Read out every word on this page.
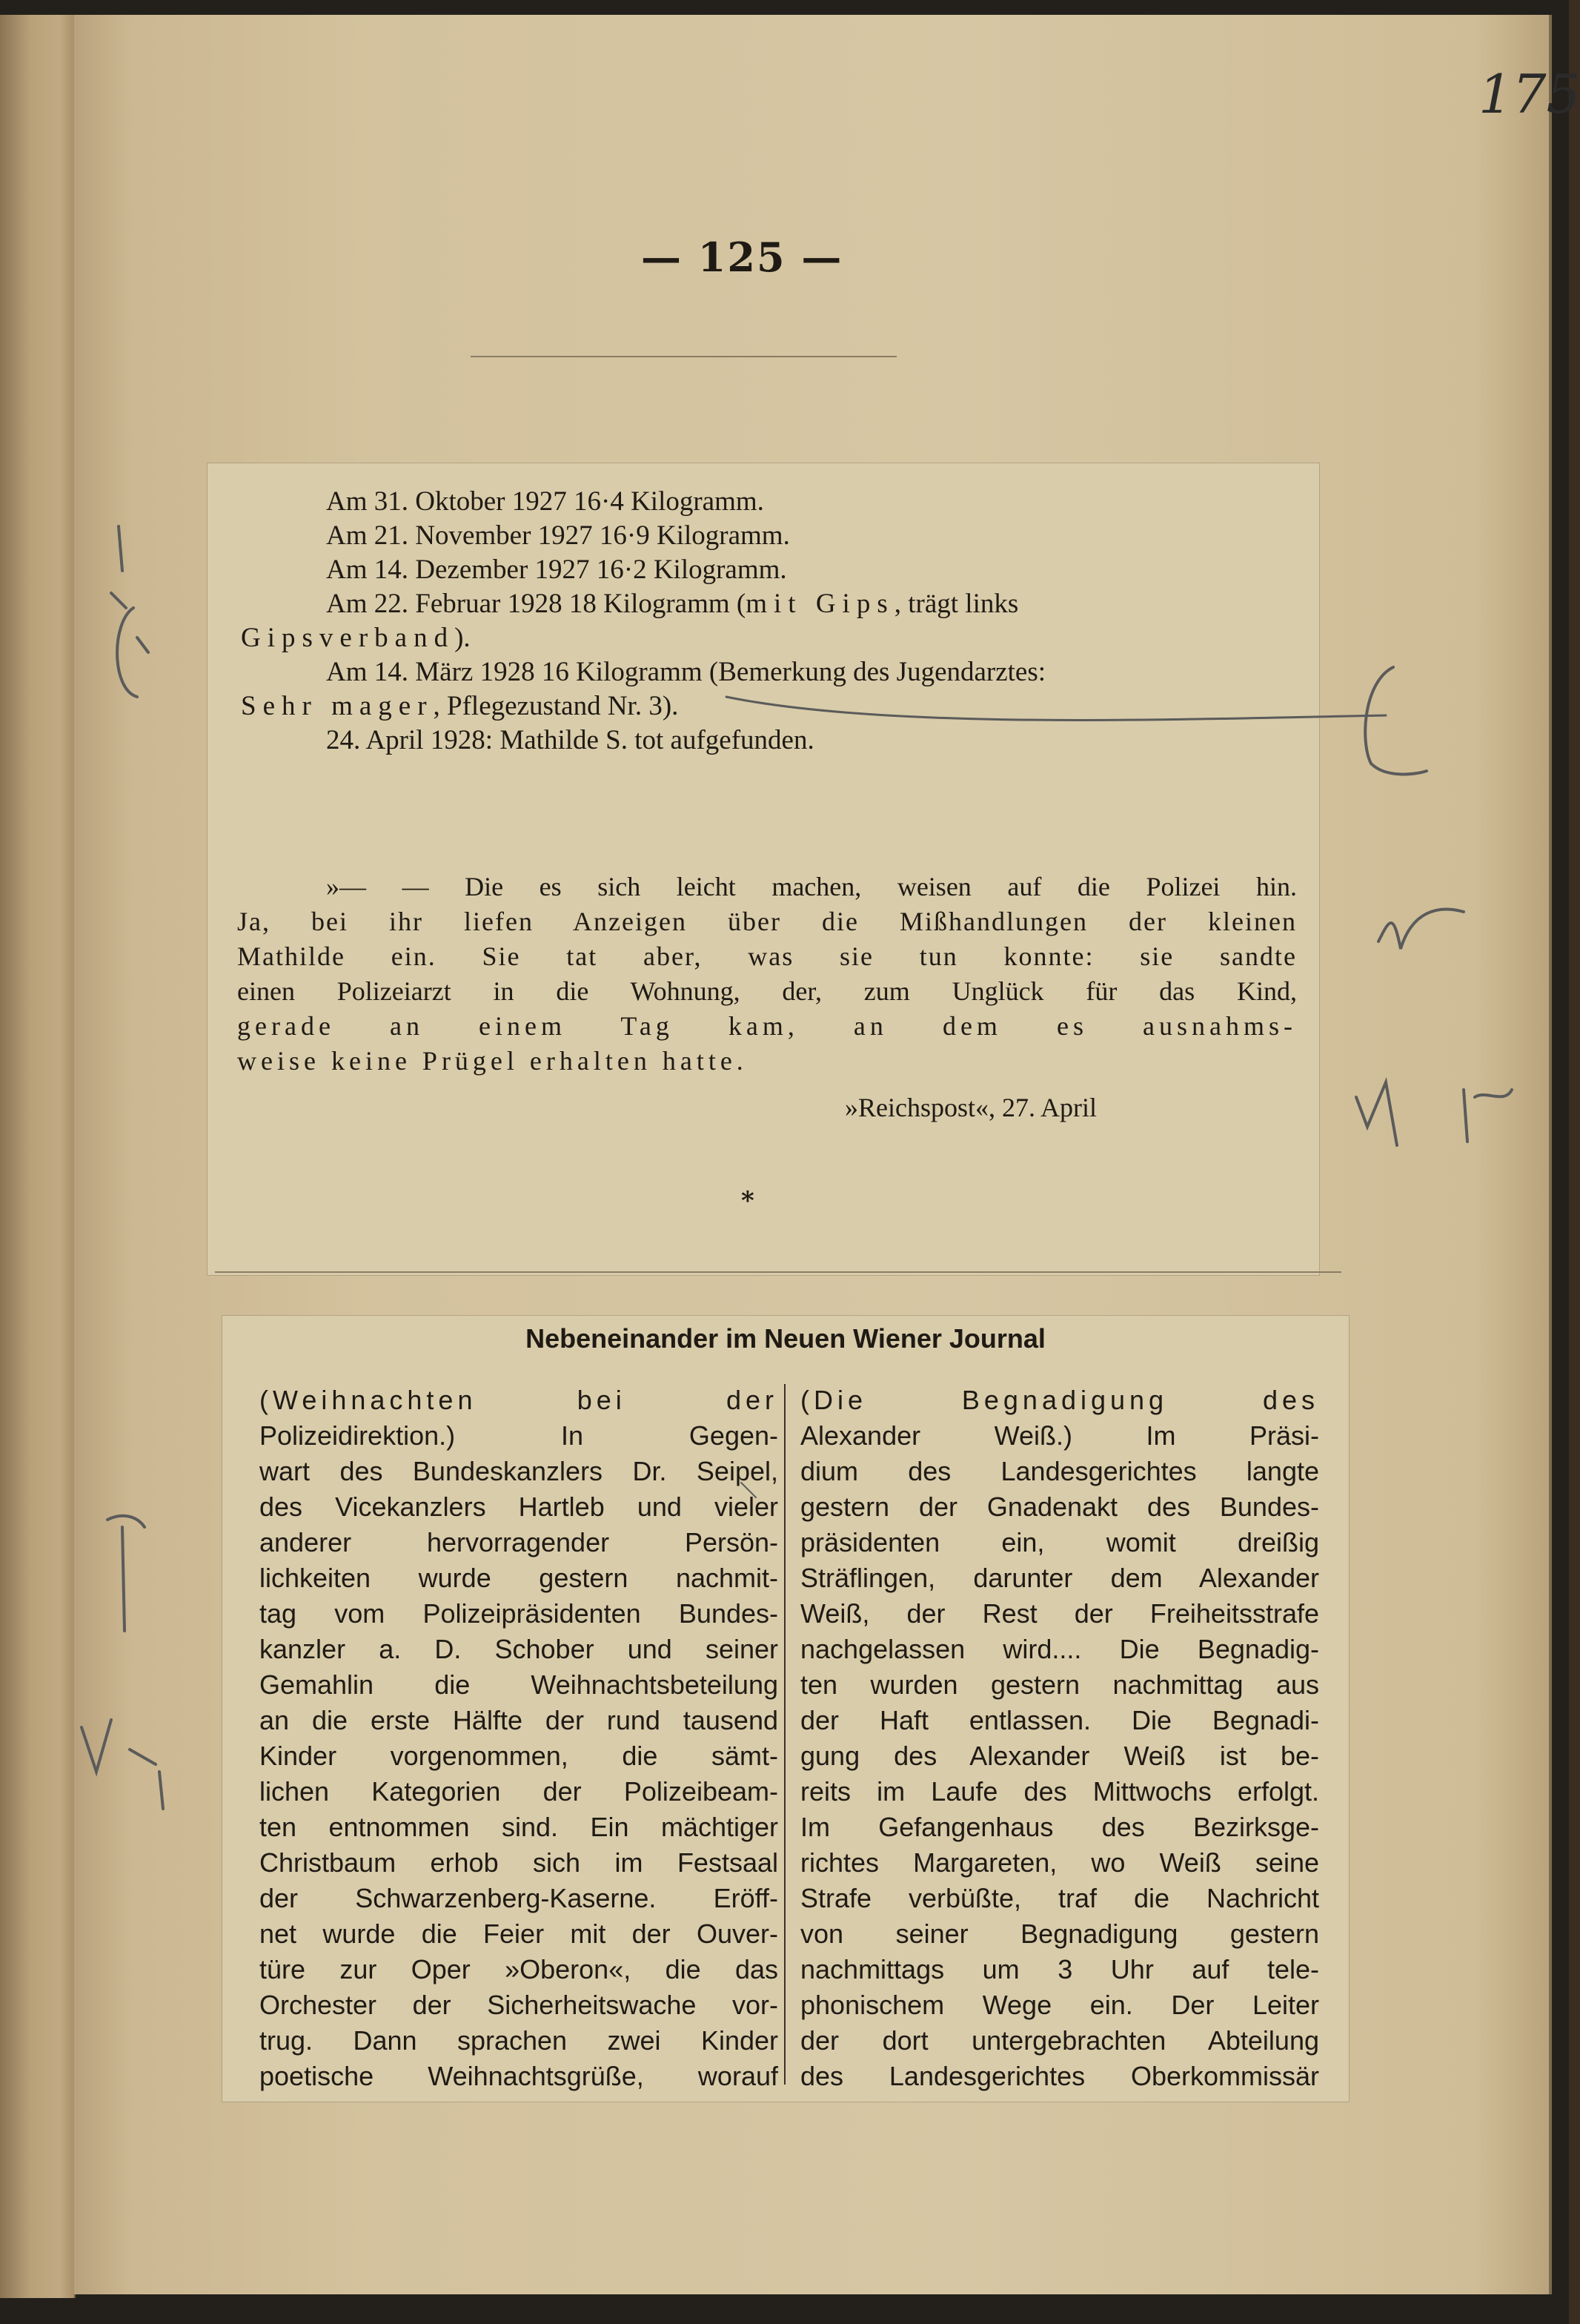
175
— 125 —
Am 31. Oktober 1927 16·4 Kilogramm.
Am 21. November 1927 16·9 Kilogramm.
Am 14. Dezember 1927 16·2 Kilogramm.
Am 22. Februar 1928 18 Kilogramm (mit Gips, trägt links
Gipsverband).
Am 14. März 1928 16 Kilogramm (Bemerkung des Jugendarztes:
Sehr mager, Pflegezustand Nr. 3).
24. April 1928: Mathilde S. tot aufgefunden.
»— — Die es sich leicht machen, weisen auf die Polizei hin.
Ja, bei ihr liefen Anzeigen über die Mißhandlungen der kleinen
Mathilde ein. Sie tat aber, was sie tun konnte: sie sandte
einen Polizeiarzt in die Wohnung, der, zum Unglück für das Kind,
gerade an einem Tag kam, an dem es ausnahms-
weise keine Prügel erhalten hatte.
»Reichspost«, 27. April
*
Nebeneinander im Neuen Wiener Journal
(Weihnachten bei der
Polizeidirektion.) In Gegen-
wart des Bundeskanzlers Dr. Seipel,
des Vicekanzlers Hartleb und vieler
anderer hervorragender Persön-
lichkeiten wurde gestern nachmit-
tag vom Polizeipräsidenten Bundes-
kanzler a. D. Schober und seiner
Gemahlin die Weihnachtsbeteilung
an die erste Hälfte der rund tausend
Kinder vorgenommen, die sämt-
lichen Kategorien der Polizeibeam-
ten entnommen sind. Ein mächtiger
Christbaum erhob sich im Festsaal
der Schwarzenberg-Kaserne. Eröff-
net wurde die Feier mit der Ouver-
türe zur Oper »Oberon«, die das
Orchester der Sicherheitswache vor-
trug. Dann sprachen zwei Kinder
poetische Weihnachtsgrüße, worauf
(Die Begnadigung des
Alexander Weiß.) Im Präsi-
dium des Landesgerichtes langte
gestern der Gnadenakt des Bundes-
präsidenten ein, womit dreißig
Sträflingen, darunter dem Alexander
Weiß, der Rest der Freiheitsstrafe
nachgelassen wird.... Die Begnadig-
ten wurden gestern nachmittag aus
der Haft entlassen. Die Begnadi-
gung des Alexander Weiß ist be-
reits im Laufe des Mittwochs erfolgt.
Im Gefangenhaus des Bezirksge-
richtes Margareten, wo Weiß seine
Strafe verbüßte, traf die Nachricht
von seiner Begnadigung gestern
nachmittags um 3 Uhr auf tele-
phonischem Wege ein. Der Leiter
der dort untergebrachten Abteilung
des Landesgerichtes Oberkommissär
